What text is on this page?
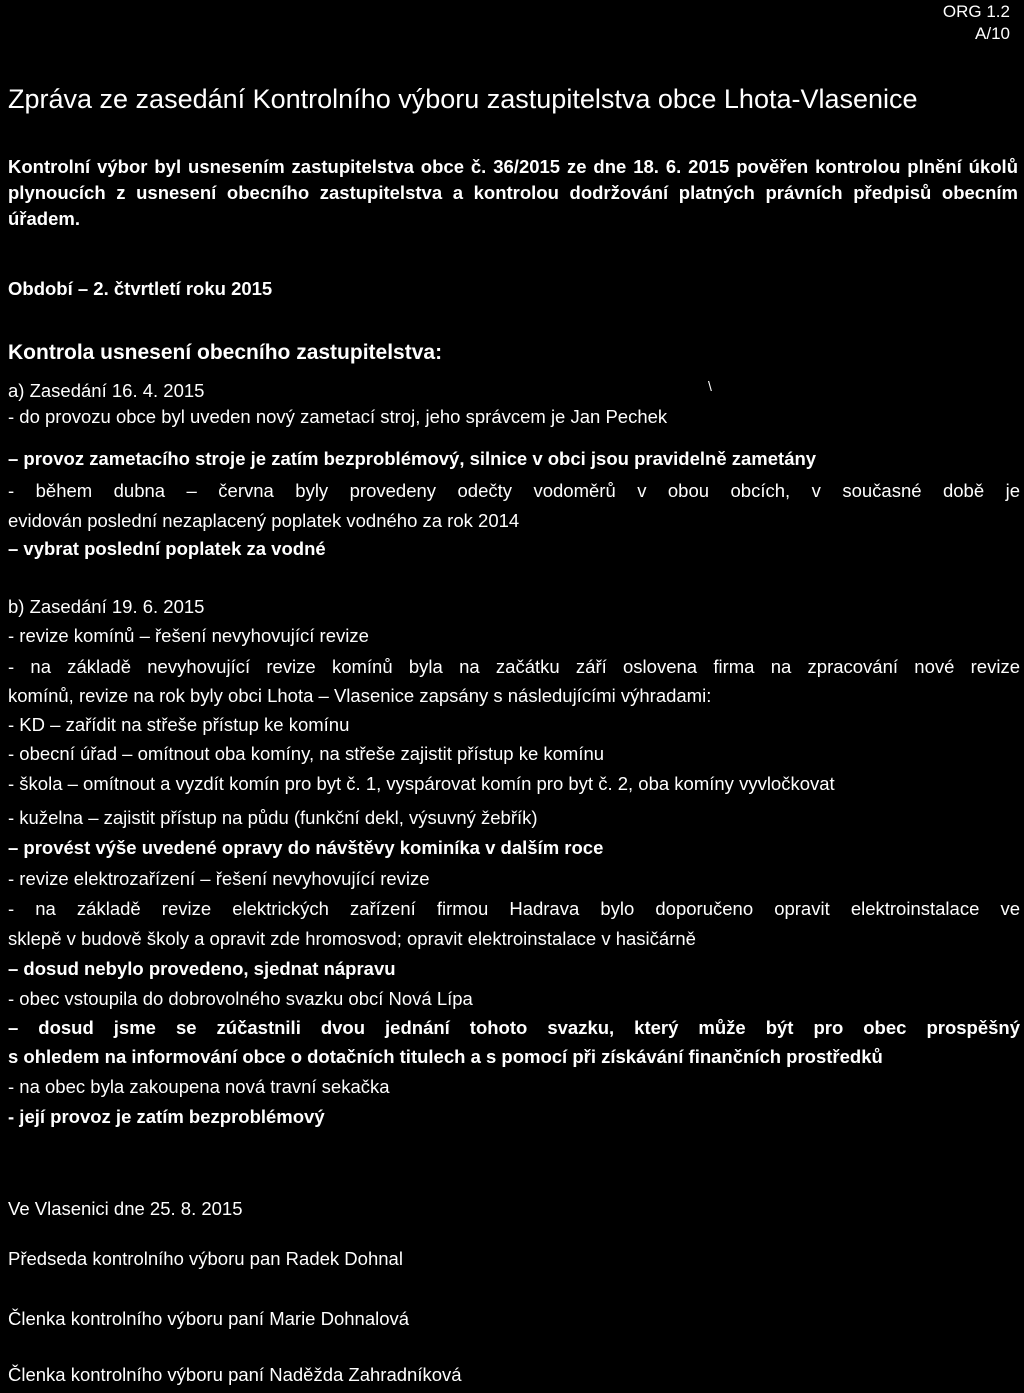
ORG 1.2
A/10
Zpráva ze zasedání Kontrolního výboru zastupitelstva obce Lhota-Vlasenice
Kontrolní výbor byl usnesením zastupitelstva obce č. 36/2015 ze dne 18. 6. 2015 pověřen kontrolou plnění úkolů plynoucích z usnesení obecního zastupitelstva a kontrolou dodržování platných právních předpisů obecním úřadem.
Období – 2. čtvrtletí roku 2015
Kontrola usnesení obecního zastupitelstva:
a) Zasedání 16. 4. 2015	\
- do provozu obce byl uveden nový zametací stroj, jeho správcem je Jan Pechek
– provoz zametacího stroje je zatím bezproblémový, silnice v obci jsou pravidelně zametány
- během dubna – června byly provedeny odečty vodoměrů v obou obcích, v současné době je
evidován poslední nezaplacený poplatek vodného za rok 2014
– vybrat poslední poplatek za vodné
b) Zasedání 19. 6. 2015
- revize komínů – řešení nevyhovující revize
- na základě nevyhovující revize komínů byla na začátku září oslovena firma na zpracování nové revize
komínů, revize na rok byly obci Lhota – Vlasenice zapsány s následujícími výhradami:
- KD – zařídit na střeše přístup ke komínu
- obecní úřad – omítnout oba komíny, na střeše zajistit přístup ke komínu
- škola – omítnout a vyzdít komín pro byt č. 1, vyspárovat komín pro byt č. 2, oba komíny vyvločkovat
- kuželna – zajistit přístup na půdu (funkční dekl, výsuvný žebřík)
– provést výše uvedené opravy do návštěvy kominíka v dalším roce
- revize elektrozařízení – řešení nevyhovující revize
- na základě revize elektrických zařízení firmou Hadrava bylo doporučeno opravit elektroinstalace ve
sklepě v budově školy a opravit zde hromosvod; opravit elektroinstalace v hasičárně
– dosud nebylo provedeno, sjednat nápravu
- obec vstoupila do dobrovolného svazku obcí Nová Lípa
– dosud jsme se zúčastnili dvou jednání tohoto svazku, který může být pro obec prospěšný
s ohledem na informování obce o dotačních titulech a s pomocí při získávání finančních prostředků
- na obec byla zakoupena nová travní sekačka
- její provoz je zatím bezproblémový
Ve Vlasenici dne 25. 8. 2015
Předseda kontrolního výboru pan Radek Dohnal
Členka kontrolního výboru paní Marie Dohnalová
Členka kontrolního výboru paní Naděžda Zahradníková
